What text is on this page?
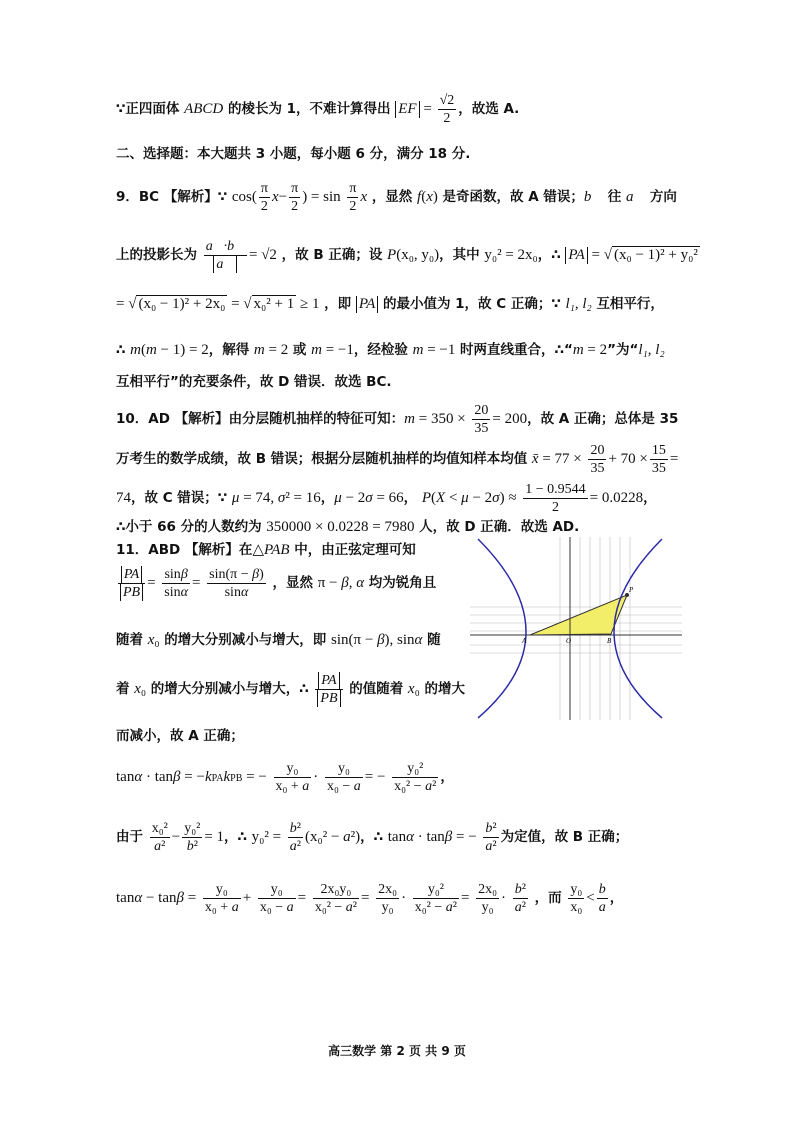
∵正四面体 ABCD 的棱长为 1，不难计算得出 EF = $\frac{√2}{2}$ ，故选 A.
二、选择题：本大题共 3 小题，每小题 6 分，满分 18 分.
9．BC 【解析】∵ $\cos( \frac{\pi}{2} x- \frac{\pi}{2}$ ) = $\sin \frac{\pi}{2}$ x ，显然 f(x) 是奇函数，故 A 错误；b⃗ 往 a⃗ 方向
上的投影长为 $\frac{a⃗\cdot b⃗}{a⃗} = √2$ ，故 B 正确；设 P(x₀, y₀)，其中 y₀² = 2x₀，∴ PA = √ (x₀ − 1)² + y₀²
= √ (x₀ − 1)² + 2x₀ = √ x₀² + 1 ≥ 1 ，即 PA 的最小值为 1，故 C 正确；∵ l₁, l₂ 互相平行，
∴ m(m − 1) = 2，解得 m = 2 或 m = −1，经检验 m = −1 时两直线重合，∴“m = 2”为“l₁, l₂
互相平行”的充要条件，故 D 错误．故选 BC.
10．AD 【解析】由分层随机抽样的特征可知：$m = 350 \times \frac{20}{35} = 200$，故 A 正确；总体是 35
万考生的数学成绩，故 B 错误；根据分层随机抽样的均值知样本均值 x̄ = $77 \times \frac{20}{35} + 70 \times \frac{15}{35}$ =
74，故 C 错误；∵ μ = 74, σ² = 16，μ − 2σ = 66， $P(X < \mu - 2\sigma) \approx \frac{1 - 0.9544}{2} = 0.0228$，
∴小于 66 分的人数约为 350000 × 0.0228 = 7980 人，故 D 正确．故选 AD.
11．ABD 【解析】在△PAB 中，由正弦定理可知
$\frac{PA}{PB} = \frac{\sin\beta}{\sin\alpha} = \frac{\sin(\pi - \beta)}{\sin\alpha}$ ，显然 π − β, α 均为锐角且
随着 x₀ 的增大分别减小与增大，即 sin(π − β), sinα 随
着 x₀ 的增大分别减小与增大，∴ $\frac{PA}{PB}$ 的值随着 x₀ 的增大
而减小，故 A 正确；
tanα · tanβ = −kPAkPB = − $\frac{\text{y₀}}{\text{x₀ + a}} \cdot \frac{\text{y₀}}{\text{x₀ − a}}$ = − $\frac{\text{y₀²}}{\text{x₀² − a²}}$ ，
由于 $\frac{\text{x₀²}}{\text{a²}} - \frac{\text{y₀²}}{\text{b²}} = 1$，∴ $y_0^2 = \frac{\text{b²}}{\text{a²}} (x_0^2 - a^2)$，∴ tanα · tanβ = − $\frac{\text{b²}}{\text{a²}}$ 为定值，故 B 正确；
$\tan\alpha - \tan\beta = \frac{\text{y₀}}{\text{x₀ + a}} + \frac{\text{y₀}}{\text{x₀ − a}} = \frac{\text{2x₀y₀}}{\text{x₀² − a²}} = \frac{\text{2x₀}}{\text{y₀}} \cdot \frac{\text{y₀²}}{\text{x₀² − a²}} = \frac{\text{2x₀}}{\text{y₀}} \cdot \frac{\text{b²}}{\text{a²}}$ ，而 $\frac{\text{y₀}}{\text{x₀}} < \frac{b}{a}$ ，
A	B
O
P
高三数学 第 2 页 共 9 页
